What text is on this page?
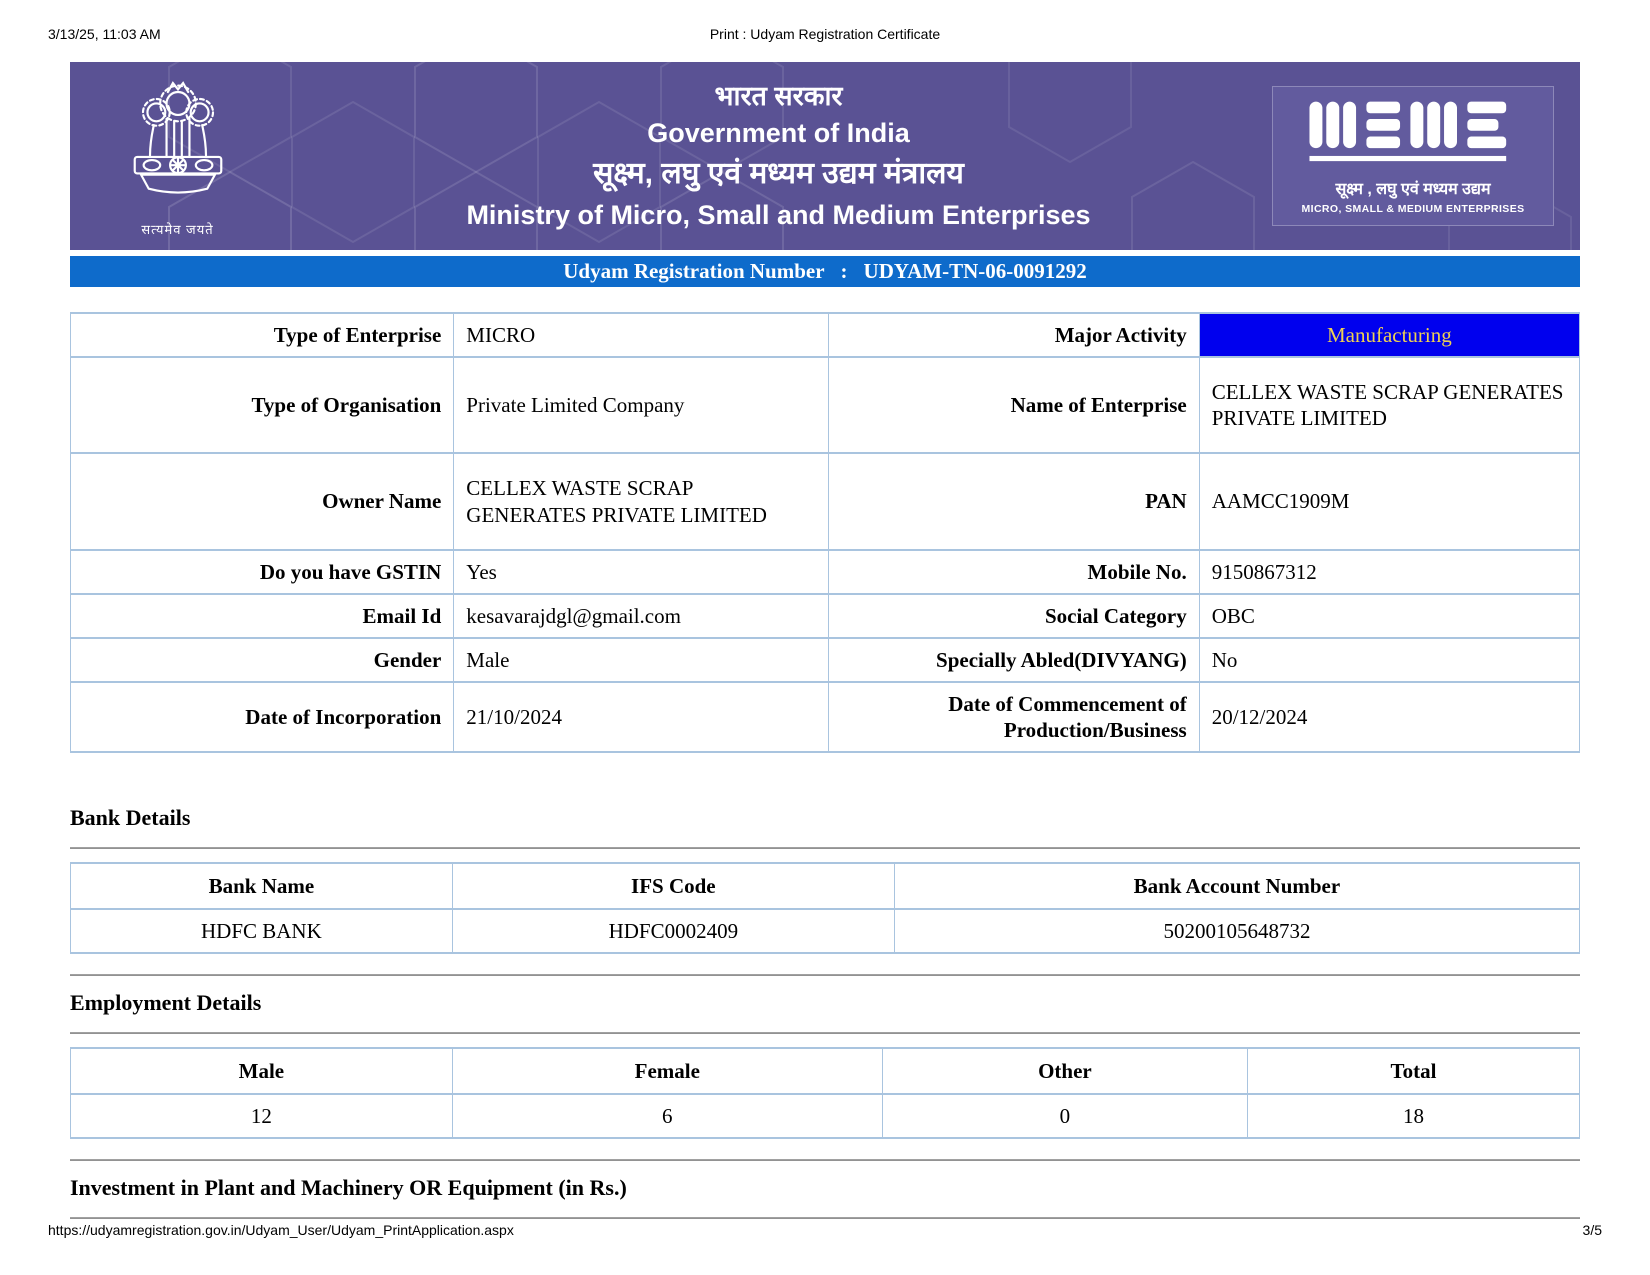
3/13/25, 11:03 AM	Print : Udyam Registration Certificate
सत्यमेव जयते
भारत सरकार
Government of India
सूक्ष्म, लघु एवं मध्यम उद्यम मंत्रालय
Ministry of Micro, Small and Medium Enterprises
सूक्ष्म , लघु एवं मध्यम उद्यम
MICRO, SMALL & MEDIUM ENTERPRISES
Udyam Registration Number : UDYAM-TN-06-0091292
Type of Enterprise	MICRO	Major Activity	Manufacturing
Type of Organisation	Private Limited Company	Name of Enterprise	CELLEX WASTE SCRAP GENERATES PRIVATE LIMITED
Owner Name	CELLEX WASTE SCRAP GENERATES PRIVATE LIMITED	PAN	AAMCC1909M
Do you have GSTIN	Yes	Mobile No.	9150867312
Email Id	kesavarajdgl@gmail.com	Social Category	OBC
Gender	Male	Specially Abled(DIVYANG)	No
Date of Incorporation	21/10/2024	Date of Commencement of Production/Business	20/12/2024
Bank Details
Bank Name	IFS Code	Bank Account Number
HDFC BANK	HDFC0002409	50200105648732
Employment Details
Male	Female	Other	Total
12	6	0	18
Investment in Plant and Machinery OR Equipment (in Rs.)
https://udyamregistration.gov.in/Udyam_User/Udyam_PrintApplication.aspx	3/5
